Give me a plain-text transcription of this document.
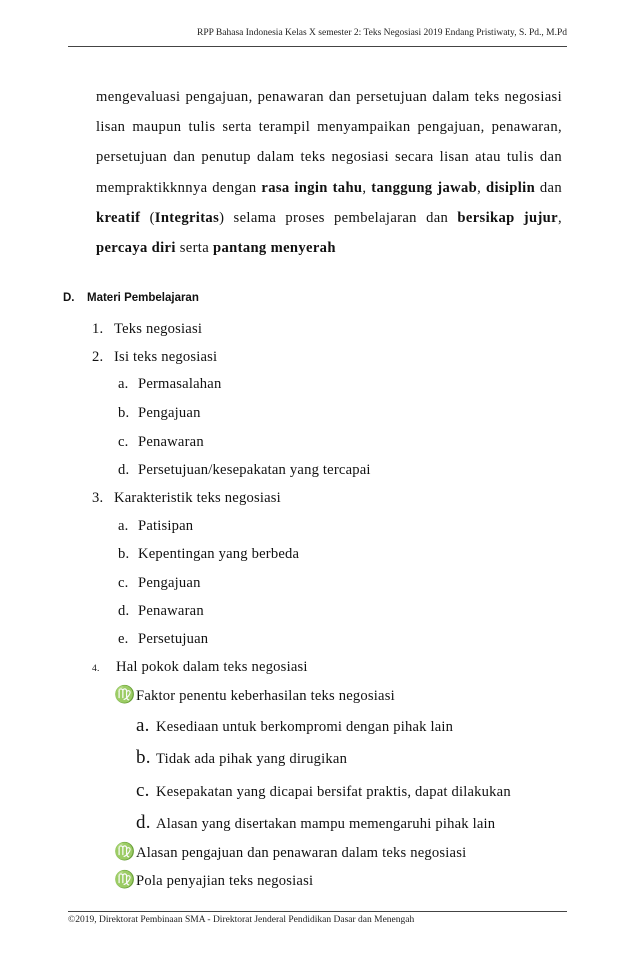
RPP Bahasa Indonesia Kelas X semester 2: Teks Negosiasi 2019 Endang Pristiwaty, S. Pd., M.Pd
mengevaluasi pengajuan, penawaran dan persetujuan dalam teks negosiasi lisan maupun tulis serta terampil menyampaikan pengajuan, penawaran, persetujuan dan penutup dalam teks negosiasi secara lisan atau tulis dan mempraktikknnya dengan rasa ingin tahu, tanggung jawab, disiplin dan kreatif (Integritas) selama proses pembelajaran dan bersikap jujur, percaya diri serta pantang menyerah
D. Materi Pembelajaran
1. Teks negosiasi
2. Isi teks negosiasi
a. Permasalahan
b. Pengajuan
c. Penawaran
d. Persetujuan/kesepakatan yang tercapai
3. Karakteristik teks negosiasi
a. Patisipan
b. Kepentingan yang berbeda
c. Pengajuan
d. Penawaran
e. Persetujuan
4. Hal pokok dalam teks negosiasi
♍Faktor penentu keberhasilan teks negosiasi
a. Kesediaan untuk berkompromi dengan pihak lain
b. Tidak ada pihak yang dirugikan
c. Kesepakatan yang dicapai bersifat praktis, dapat dilakukan
d. Alasan yang disertakan mampu memengaruhi pihak lain
♍Alasan pengajuan dan penawaran dalam teks negosiasi
♍Pola penyajian teks negosiasi
©2019, Direktorat Pembinaan SMA - Direktorat Jenderal Pendidikan Dasar dan Menengah
